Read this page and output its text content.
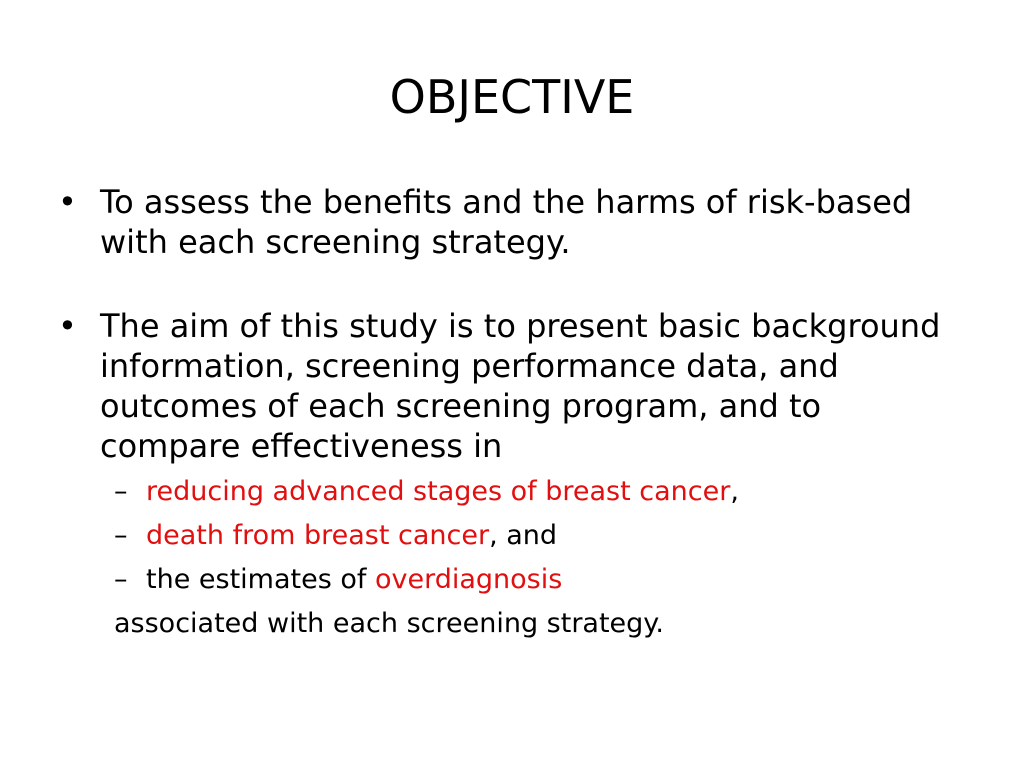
OBJECTIVE
• To assess the benefits and the harms of risk-based with each screening strategy.
• The aim of this study is to present basic background information, screening performance data, and outcomes of each screening program, and to compare effectiveness in
– reducing advanced stages of breast cancer,
– death from breast cancer, and
– the estimates of overdiagnosis
associated with each screening strategy.
